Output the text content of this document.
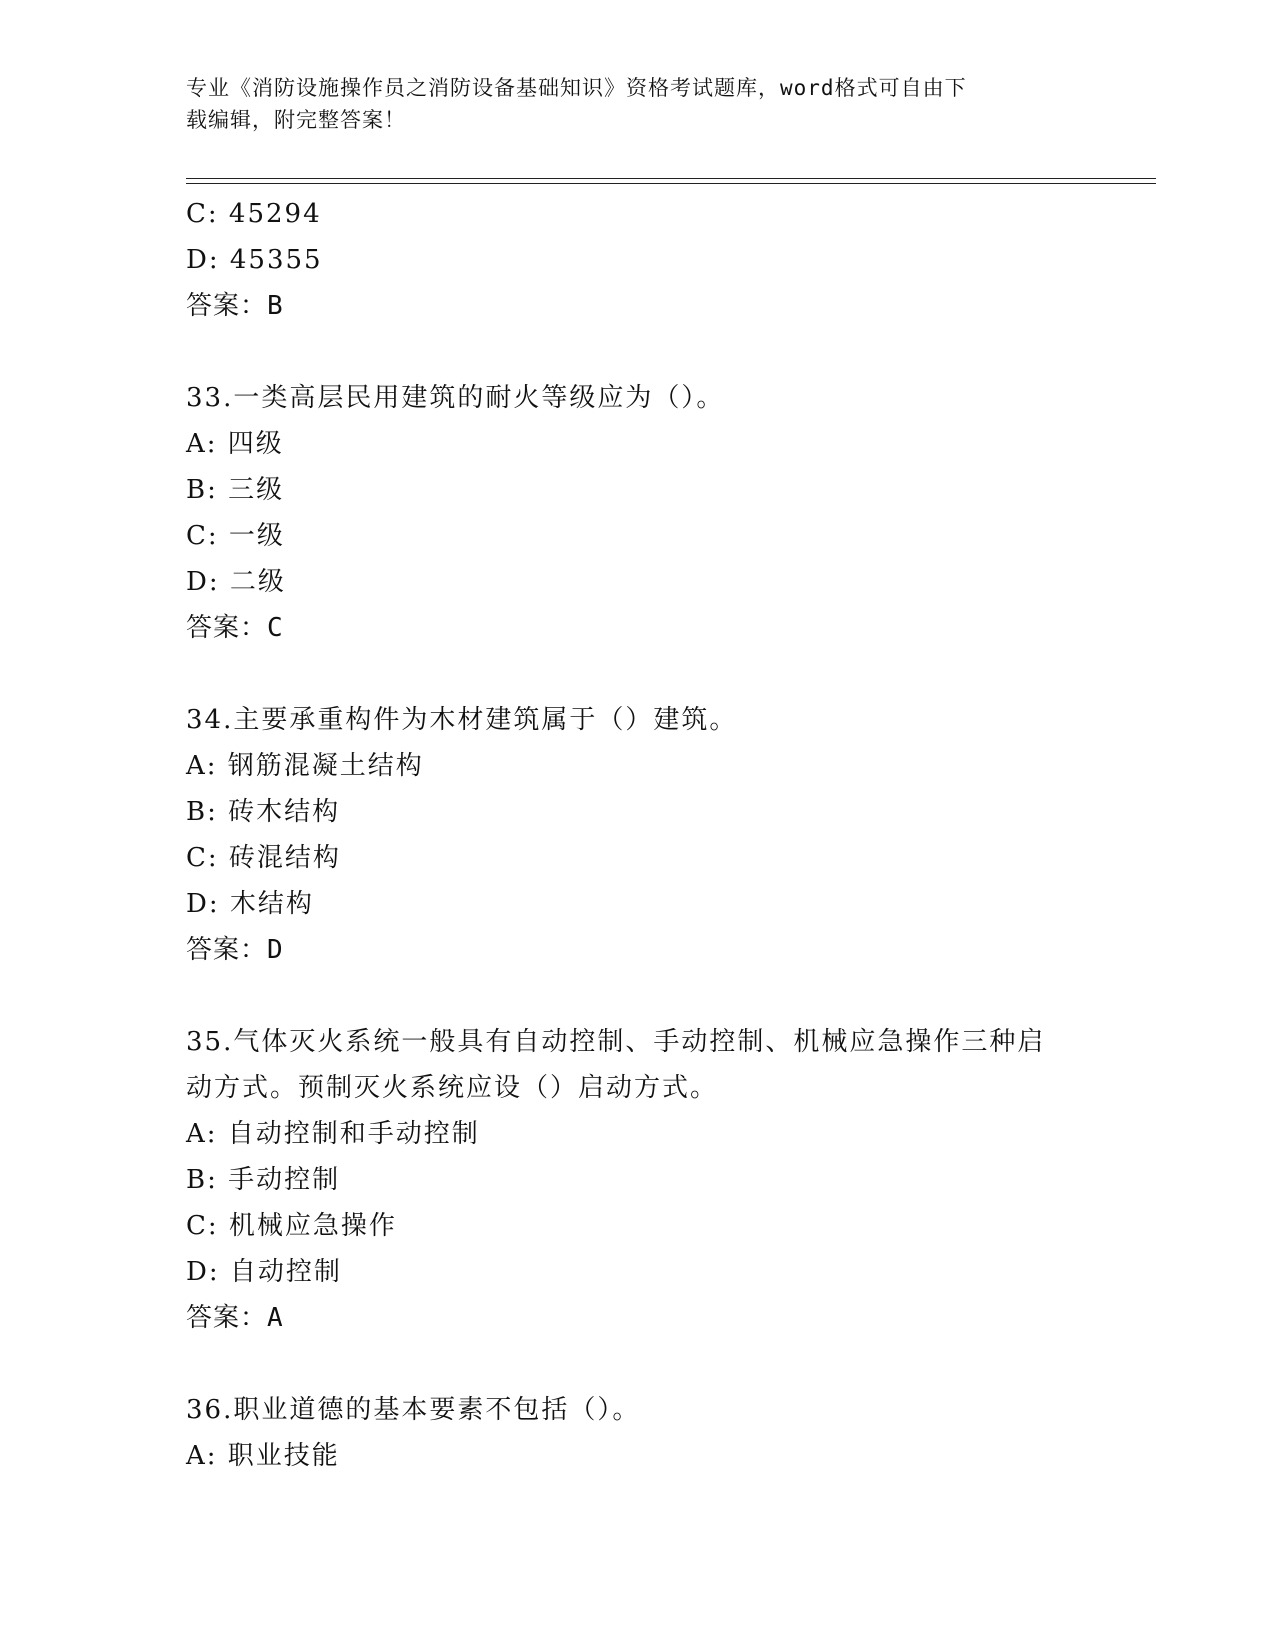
专业《消防设施操作员之消防设备基础知识》资格考试题库，word格式可自由下
载编辑，附完整答案！
C: 45294
D: 45355
答案：B
33.一类高层民用建筑的耐火等级应为（）。
A: 四级
B: 三级
C: 一级
D: 二级
答案：C
34.主要承重构件为木材建筑属于（）建筑。
A: 钢筋混凝土结构
B: 砖木结构
C: 砖混结构
D: 木结构
答案：D
35.气体灭火系统一般具有自动控制、手动控制、机械应急操作三种启
动方式。预制灭火系统应设（）启动方式。
A: 自动控制和手动控制
B: 手动控制
C: 机械应急操作
D: 自动控制
答案：A
36.职业道德的基本要素不包括（）。
A: 职业技能
